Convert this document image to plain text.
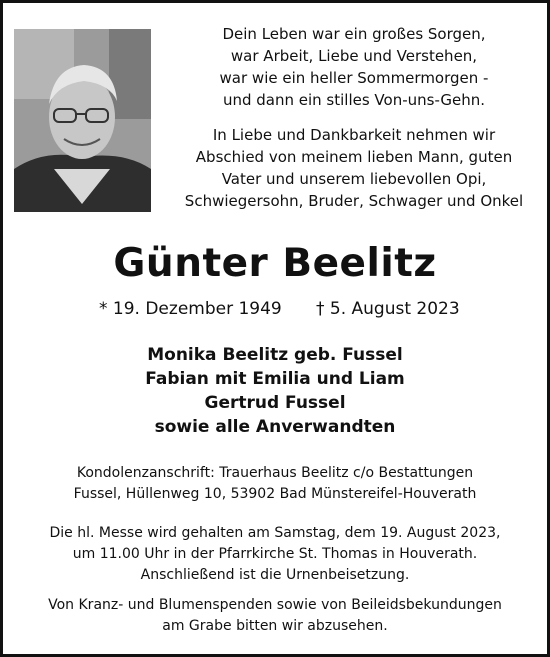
Dein Leben war ein großes Sorgen,
war Arbeit, Liebe und Verstehen,
war wie ein heller Sommermorgen -
und dann ein stilles Von-uns-Gehn.
In Liebe und Dankbarkeit nehmen wir
Abschied von meinem lieben Mann, guten
Vater und unserem liebevollen Opi,
Schwiegersohn, Bruder, Schwager und Onkel
Günter Beelitz
* 19. Dezember 1949 † 5. August 2023
Monika Beelitz geb. Fussel
Fabian mit Emilia und Liam
Gertrud Fussel
sowie alle Anverwandten
Kondolenzanschrift: Trauerhaus Beelitz c/o Bestattungen
Fussel, Hüllenweg 10, 53902 Bad Münstereifel-Houverath
Die hl. Messe wird gehalten am Samstag, dem 19. August 2023,
um 11.00 Uhr in der Pfarrkirche St. Thomas in Houverath.
Anschließend ist die Urnenbeisetzung.
Von Kranz- und Blumenspenden sowie von Beileidsbekundungen
am Grabe bitten wir abzusehen.
